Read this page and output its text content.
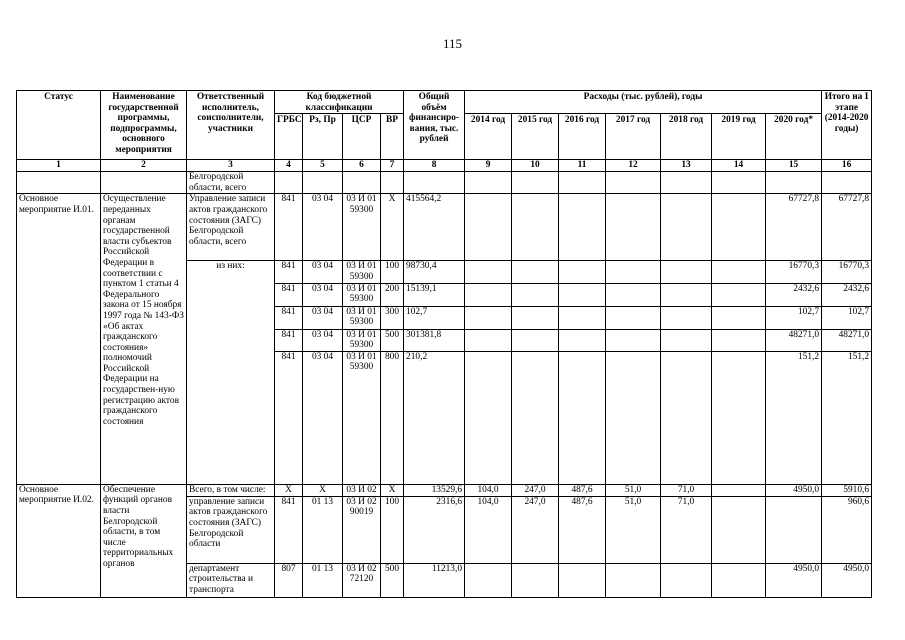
115
Статус	Наименование государственной программы, подпрограммы, основного мероприятия	Ответственный исполнитель, соисполнители, участники	Код бюджетной классификации				Общий объём финансиро-вания, тыс. рублей	Расходы (тыс. рублей), годы							Итого на I этапе (2014-2020 годы)
			ГРБС	Рз, Пр	ЦСР	ВР		2014 год	2015 год	2016 год	2017 год	2018 год	2019 год	2020 год*	
1	2	3	4	5	6	7	8	9	10	11	12	13	14	15	16
		Белгородской области, всего													
Основное мероприятие И.01.	Осуществление переданных органам государственной власти субъектов Российской Федерации в соответствии с пунктом 1 статьи 4 Федерального закона от 15 ноября 1997 года № 143-ФЗ «Об актах гражданского состояния» полномочий Российской Федерации на государствен-ную регистрацию актов гражданского состояния	Управление записи актов гражданского состояния (ЗАГС) Белгородской области, всего	841	03 04	03 И 01 59300	Х	415564,2							67727,8	67727,8
		из них:	841	03 04	03 И 01 59300	100	98730,4							16770,3	16770,3
			841	03 04	03 И 01 59300	200	15139,1							2432,6	2432,6
			841	03 04	03 И 01 59300	300	102,7							102,7	102,7
			841	03 04	03 И 01 59300	500	301381,8							48271,0	48271,0
			841	03 04	03 И 01 59300	800	210,2							151,2	151,2
Основное мероприятие И.02.	Обеспечение функций органов власти Белгородской области, в том числе территориальных органов	Всего, в том числе:	Х	Х	03 И 02	Х	13529,6	104,0	247,0	487,6	51,0	71,0		4950,0	5910,6
		управление записи актов гражданского состояния (ЗАГС) Белгородской области	841	01 13	03 И 02 90019	100	2316,6	104,0	247,0	487,6	51,0	71,0			960,6
		департамент строительства и транспорта	807	01 13	03 И 02 72120	500	11213,0							4950,0	4950,0
